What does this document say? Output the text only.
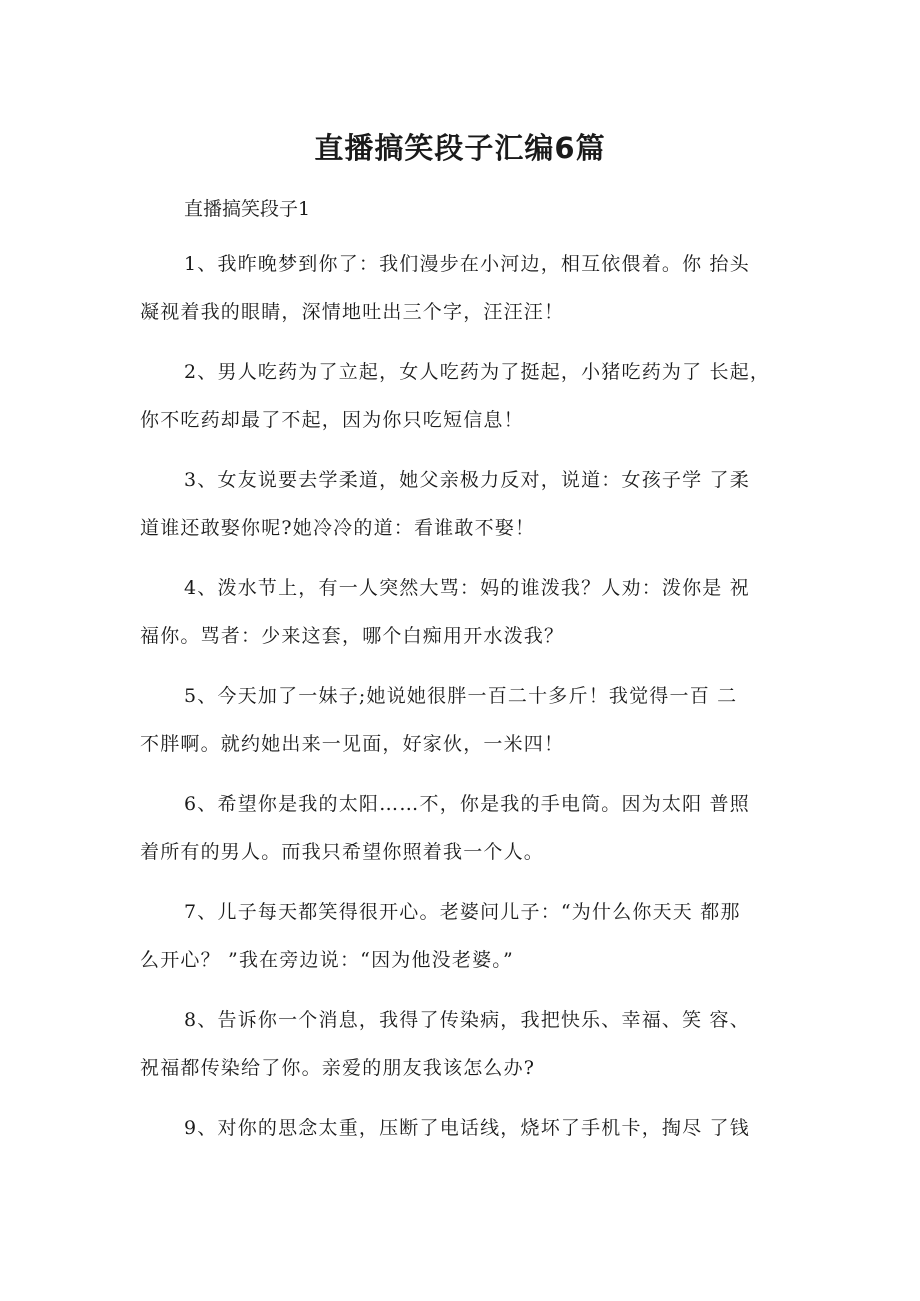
直播搞笑段子汇编6篇

直播搞笑段子1

1、我昨晚梦到你了：我们漫步在小河边，相互依偎着。你 抬头
凝视着我的眼睛，深情地吐出三个字，汪汪汪！
2、男人吃药为了立起，女人吃药为了挺起，小猪吃药为了 长起，
你不吃药却最了不起，因为你只吃短信息！
3、女友说要去学柔道，她父亲极力反对，说道：女孩子学 了柔
道谁还敢娶你呢?她冷冷的道：看谁敢不娶！
4、泼水节上，有一人突然大骂：妈的谁泼我？人劝：泼你是 祝
福你。骂者：少来这套，哪个白痴用开水泼我？
5、今天加了一妹子;她说她很胖一百二十多斤！我觉得一百 二
不胖啊。就约她出来一见面，好家伙，一米四！
6、希望你是我的太阳……不，你是我的手电筒。因为太阳 普照
着所有的男人。而我只希望你照着我一个人。
7、儿子每天都笑得很开心。老婆问儿子：“为什么你天天 都那
么开心？ ”我在旁边说：“因为他没老婆。”
8、告诉你一个消息，我得了传染病，我把快乐、幸福、笑 容、
祝福都传染给了你。亲爱的朋友我该怎么办?
9、对你的思念太重，压断了电话线，烧坏了手机卡，掏尽 了钱
